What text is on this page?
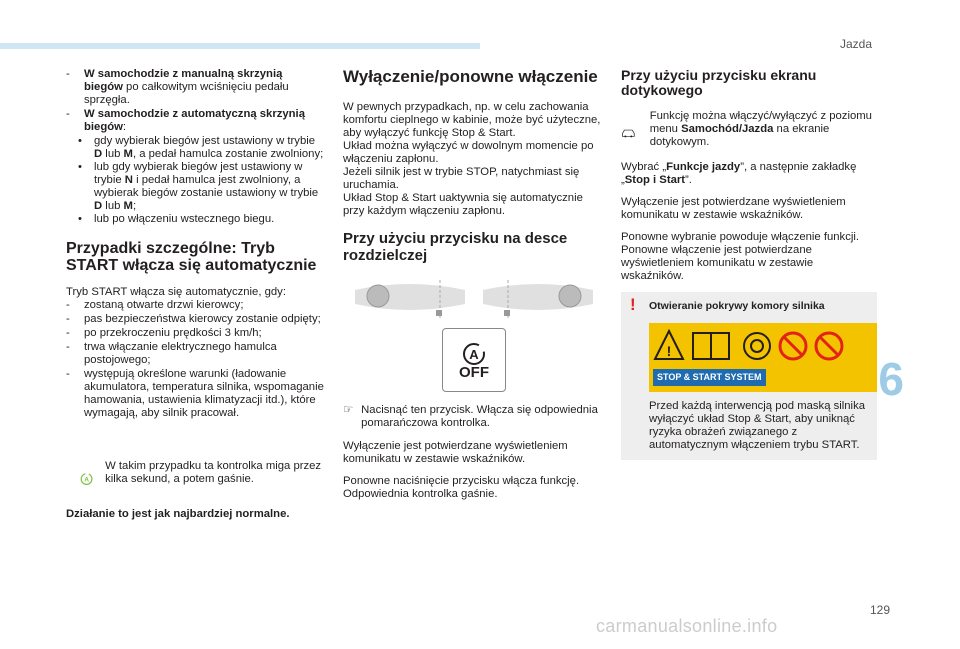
Jazda
- W samochodzie z manualną skrzynią biegów po całkowitym wciśnięciu pedału sprzęgła.
- W samochodzie z automatyczną skrzynią biegów:
• gdy wybierak biegów jest ustawiony w trybie D lub M, a pedał hamulca zostanie zwolniony;
• lub gdy wybierak biegów jest ustawiony w trybie N i pedał hamulca jest zwolniony, a wybierak biegów zostanie ustawiony w trybie D lub M;
• lub po włączeniu wstecznego biegu.
Przypadki szczególne: Tryb START włącza się automatycznie
Tryb START włącza się automatycznie, gdy:
- zostaną otwarte drzwi kierowcy;
- pas bezpieczeństwa kierowcy zostanie odpięty;
- po przekroczeniu prędkości 3 km/h;
- trwa włączanie elektrycznego hamulca postojowego;
- występują określone warunki (ładowanie akumulatora, temperatura silnika, wspomaganie hamowania, ustawienia klimatyzacji itd.), które wymagają, aby silnik pracował.
A
W takim przypadku ta kontrolka miga przez kilka sekund, a potem gaśnie.
Działanie to jest jak najbardziej normalne.
Wyłączenie/ponowne włączenie
W pewnych przypadkach, np. w celu zachowania komfortu cieplnego w kabinie, może być użyteczne, aby wyłączyć funkcję Stop & Start.
Układ można wyłączyć w dowolnym momencie po włączeniu zapłonu.
Jeżeli silnik jest w trybie STOP, natychmiast się uruchamia.
Układ Stop & Start uaktywnia się automatycznie przy każdym włączeniu zapłonu.
Przy użyciu przycisku na desce rozdzielczej
A
OFF
☞ Nacisnąć ten przycisk. Włącza się odpowiednia pomarańczowa kontrolka.

Wyłączenie jest potwierdzane wyświetleniem komunikatu w zestawie wskaźników.

Ponowne naciśnięcie przycisku włącza funkcję. Odpowiednia kontrolka gaśnie.

Przy użyciu przycisku ekranu dotykowego
Funkcję można włączyć/wyłączyć z poziomu menu Samochód/Jazda na ekranie dotykowym.

Wybrać „Funkcje jazdy”, a następnie zakładkę „Stop i Start”.

Wyłączenie jest potwierdzane wyświetleniem komunikatu w zestawie wskaźników.

Ponowne wybranie powoduje włączenie funkcji. Ponowne włączenie jest potwierdzane wyświetleniem komunikatu w zestawie wskaźników.

! Otwieranie pokrywy komory silnika
!
STOP & START SYSTEM
Przed każdą interwencją pod maską silnika wyłączyć układ Stop & Start, aby uniknąć ryzyka obrażeń związanego z automatycznym włączeniem trybu START.
6
129
carmanualsonline.info
